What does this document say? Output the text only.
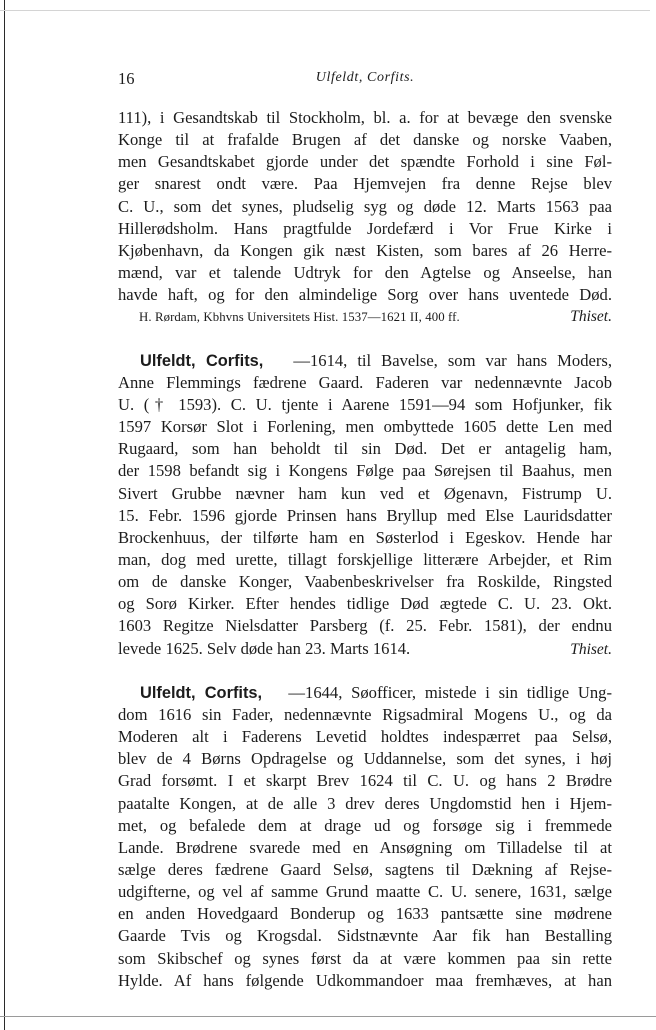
16	Ulfeldt, Corfits.

111), i Gesandtskab til Stockholm, bl. a. for at bevæge den svenske

Konge til at frafalde Brugen af det danske og norske Vaaben,

men Gesandtskabet gjorde under det spændte Forhold i sine Føl-

ger snarest ondt være. Paa Hjemvejen fra denne Rejse blev

C. U., som det synes, pludselig syg og døde 12. Marts 1563 paa

Hillerødsholm. Hans pragtfulde Jordefærd i Vor Frue Kirke i

Kjøbenhavn, da Kongen gik næst Kisten, som bares af 26 Herre-

mænd, var et talende Udtryk for den Agtelse og Anseelse, han

havde haft, og for den almindelige Sorg over hans uventede Død.

H. Rørdam, Kbhvns Universitets Hist. 1537—1621 II, 400 ff.	Thiset.

Ulfeldt, Corfits, —1614, til Bavelse, som var hans Moders,

Anne Flemmings fædrene Gaard. Faderen var nedennævnte Jacob

U. († 1593). C. U. tjente i Aarene 1591—94 som Hofjunker, fik

1597 Korsør Slot i Forlening, men ombyttede 1605 dette Len med

Rugaard, som han beholdt til sin Død. Det er antagelig ham,

der 1598 befandt sig i Kongens Følge paa Sørejsen til Baahus, men

Sivert Grubbe nævner ham kun ved et Øgenavn, Fistrump U.

15. Febr. 1596 gjorde Prinsen hans Bryllup med Else Lauridsdatter

Brockenhuus, der tilførte ham en Søsterlod i Egeskov. Hende har

man, dog med urette, tillagt forskjellige litterære Arbejder, et Rim

om de danske Konger, Vaabenbeskrivelser fra Roskilde, Ringsted

og Sorø Kirker. Efter hendes tidlige Død ægtede C. U. 23. Okt.

1603 Regitze Nielsdatter Parsberg (f. 25. Febr. 1581), der endnu

levede 1625. Selv døde han 23. Marts 1614.	Thiset.

Ulfeldt, Corfits, —1644, Søofficer, mistede i sin tidlige Ung-

dom 1616 sin Fader, nedennævnte Rigsadmiral Mogens U., og da

Moderen alt i Faderens Levetid holdtes indespærret paa Selsø,

blev de 4 Børns Opdragelse og Uddannelse, som det synes, i høj

Grad forsømt. I et skarpt Brev 1624 til C. U. og hans 2 Brødre

paatalte Kongen, at de alle 3 drev deres Ungdomstid hen i Hjem-

met, og befalede dem at drage ud og forsøge sig i fremmede

Lande. Brødrene svarede med en Ansøgning om Tilladelse til at

sælge deres fædrene Gaard Selsø, sagtens til Dækning af Rejse-

udgifterne, og vel af samme Grund maatte C. U. senere, 1631, sælge

en anden Hovedgaard Bonderup og 1633 pantsætte sine mødrene

Gaarde Tvis og Krogsdal. Sidstnævnte Aar fik han Bestalling

som Skibschef og synes først da at være kommen paa sin rette

Hylde. Af hans følgende Udkommandoer maa fremhæves, at han
